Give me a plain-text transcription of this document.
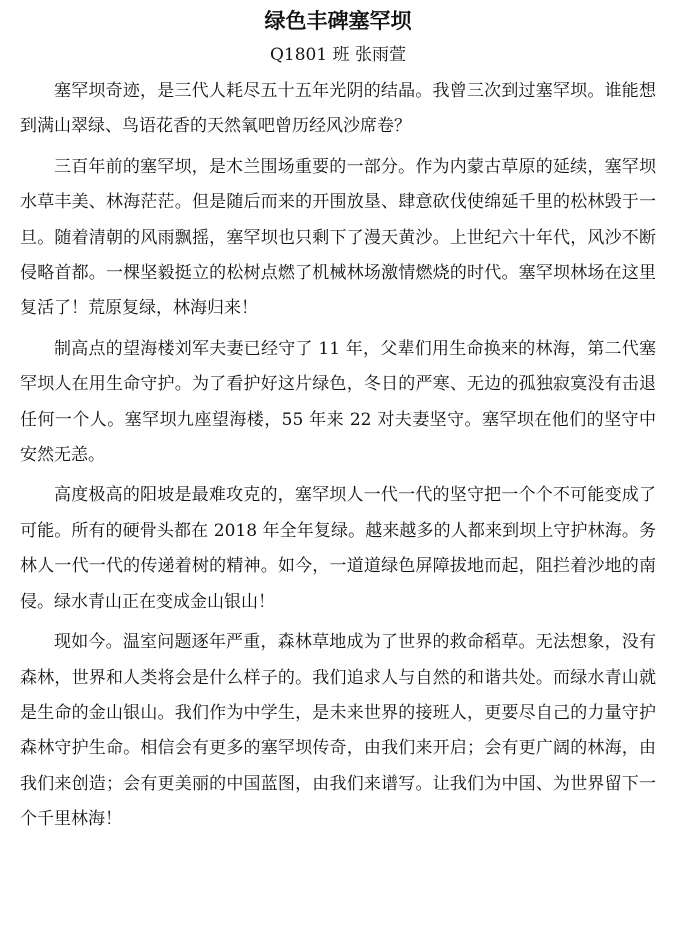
绿色丰碑塞罕坝
Q1801 班 张雨萱

塞罕坝奇迹，是三代人耗尽五十五年光阴的结晶。我曾三次到过塞罕坝。谁能想到满山翠绿、鸟语花香的天然氧吧曾历经风沙席卷？

三百年前的塞罕坝，是木兰围场重要的一部分。作为内蒙古草原的延续，塞罕坝水草丰美、林海茫茫。但是随后而来的开围放垦、肆意砍伐使绵延千里的松林毁于一旦。随着清朝的风雨飘摇，塞罕坝也只剩下了漫天黄沙。上世纪六十年代，风沙不断侵略首都。一棵坚毅挺立的松树点燃了机械林场激情燃烧的时代。塞罕坝林场在这里复活了！荒原复绿，林海归来！

制高点的望海楼刘军夫妻已经守了 11 年，父辈们用生命换来的林海，第二代塞罕坝人在用生命守护。为了看护好这片绿色，冬日的严寒、无边的孤独寂寞没有击退任何一个人。塞罕坝九座望海楼，55 年来 22 对夫妻坚守。塞罕坝在他们的坚守中安然无恙。

高度极高的阳坡是最难攻克的，塞罕坝人一代一代的坚守把一个个不可能变成了可能。所有的硬骨头都在 2018 年全年复绿。越来越多的人都来到坝上守护林海。务林人一代一代的传递着树的精神。如今，一道道绿色屏障拔地而起，阻拦着沙地的南侵。绿水青山正在变成金山银山！

现如今。温室问题逐年严重，森林草地成为了世界的救命稻草。无法想象，没有森林，世界和人类将会是什么样子的。我们追求人与自然的和谐共处。而绿水青山就是生命的金山银山。我们作为中学生，是未来世界的接班人，更要尽自己的力量守护森林守护生命。相信会有更多的塞罕坝传奇，由我们来开启；会有更广阔的林海，由我们来创造；会有更美丽的中国蓝图，由我们来谱写。让我们为中国、为世界留下一个千里林海！
